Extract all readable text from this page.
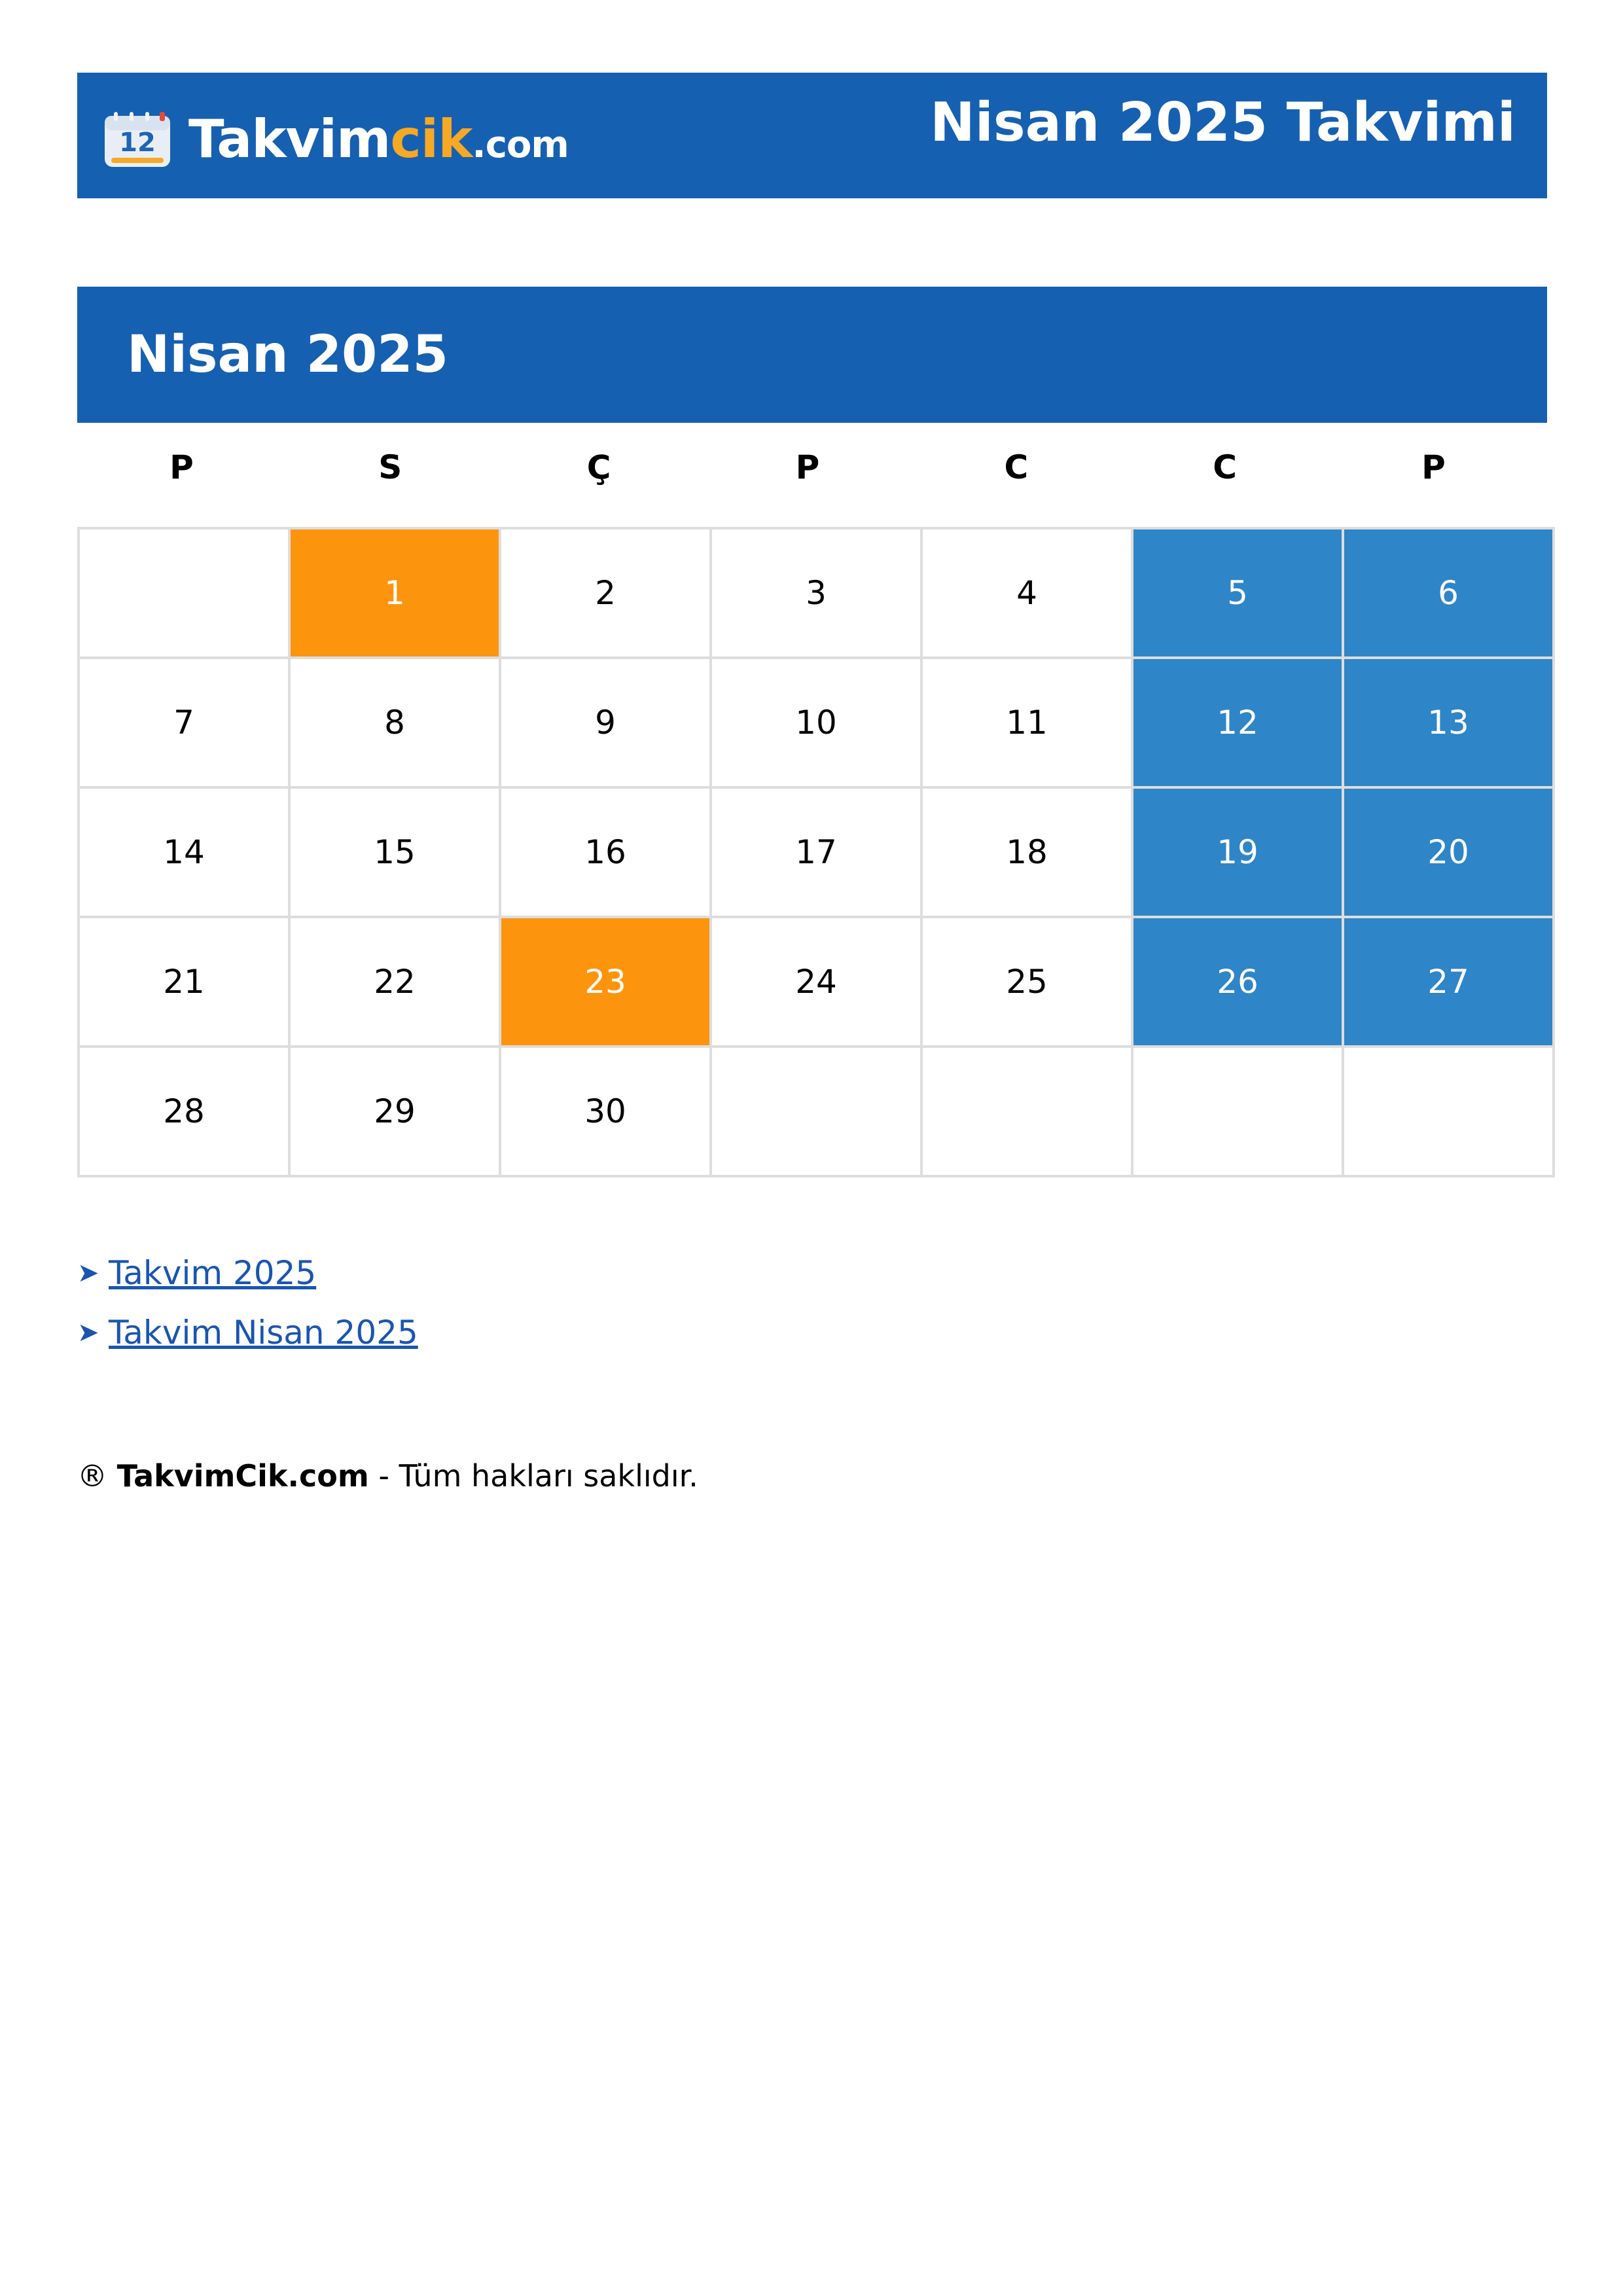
12 Takvimcik.com	Nisan 2025 Takvimi
Nisan 2025
P	S	Ç	P	C	C	P
	1	2	3	4	5	6
7	8	9	10	11	12	13
14	15	16	17	18	19	20
21	22	23	24	25	26	27
28	29	30				
➤ Takvim 2025
➤ Takvim Nisan 2025
® TakvimCik.com - Tüm hakları saklıdır.
